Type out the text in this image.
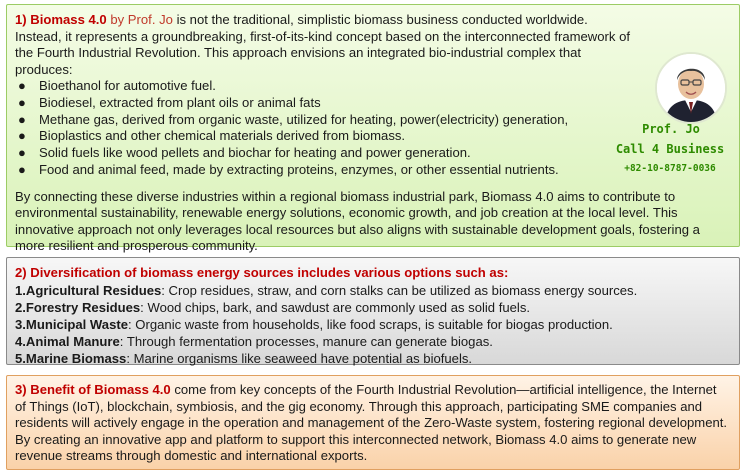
1) Biomass 4.0 by Prof. Jo is not the traditional, simplistic biomass business conducted worldwide. Instead, it represents a groundbreaking, first-of-its-kind concept based on the interconnected framework of the Fourth Industrial Revolution. This approach envisions an integrated bio-industrial complex that produces:

● Bioethanol for automotive fuel.
● Biodiesel, extracted from plant oils or animal fats
● Methane gas, derived from organic waste, utilized for heating, power(electricity) generation,
● Bioplastics and other chemical materials derived from biomass.
● Solid fuels like wood pellets and biochar for heating and power generation.
● Food and animal feed, made by extracting proteins, enzymes, or other essential nutrients.

By connecting these diverse industries within a regional biomass industrial park, Biomass 4.0 aims to contribute to environmental sustainability, renewable energy solutions, economic growth, and job creation at the local level. This innovative approach not only leverages local resources but also aligns with sustainable development goals, fostering a more resilient and prosperous community.

Prof. Jo
Call 4 Business
+82-10-8787-0036

2) Diversification of biomass energy sources includes various options such as:

1.Agricultural Residues: Crop residues, straw, and corn stalks can be utilized as biomass energy sources.

2.Forestry Residues: Wood chips, bark, and sawdust are commonly used as solid fuels.

3.Municipal Waste: Organic waste from households, like food scraps, is suitable for biogas production.

4.Animal Manure: Through fermentation processes, manure can generate biogas.

5.Marine Biomass: Marine organisms like seaweed have potential as biofuels.

3) Benefit of Biomass 4.0 come from key concepts of the Fourth Industrial Revolution—artificial intelligence, the Internet of Things (IoT), blockchain, symbiosis, and the gig economy. Through this approach, participating SME companies and residents will actively engage in the operation and management of the Zero-Waste system, fostering regional development. By creating an innovative app and platform to support this interconnected network, Biomass 4.0 aims to generate new revenue streams through domestic and international exports.
